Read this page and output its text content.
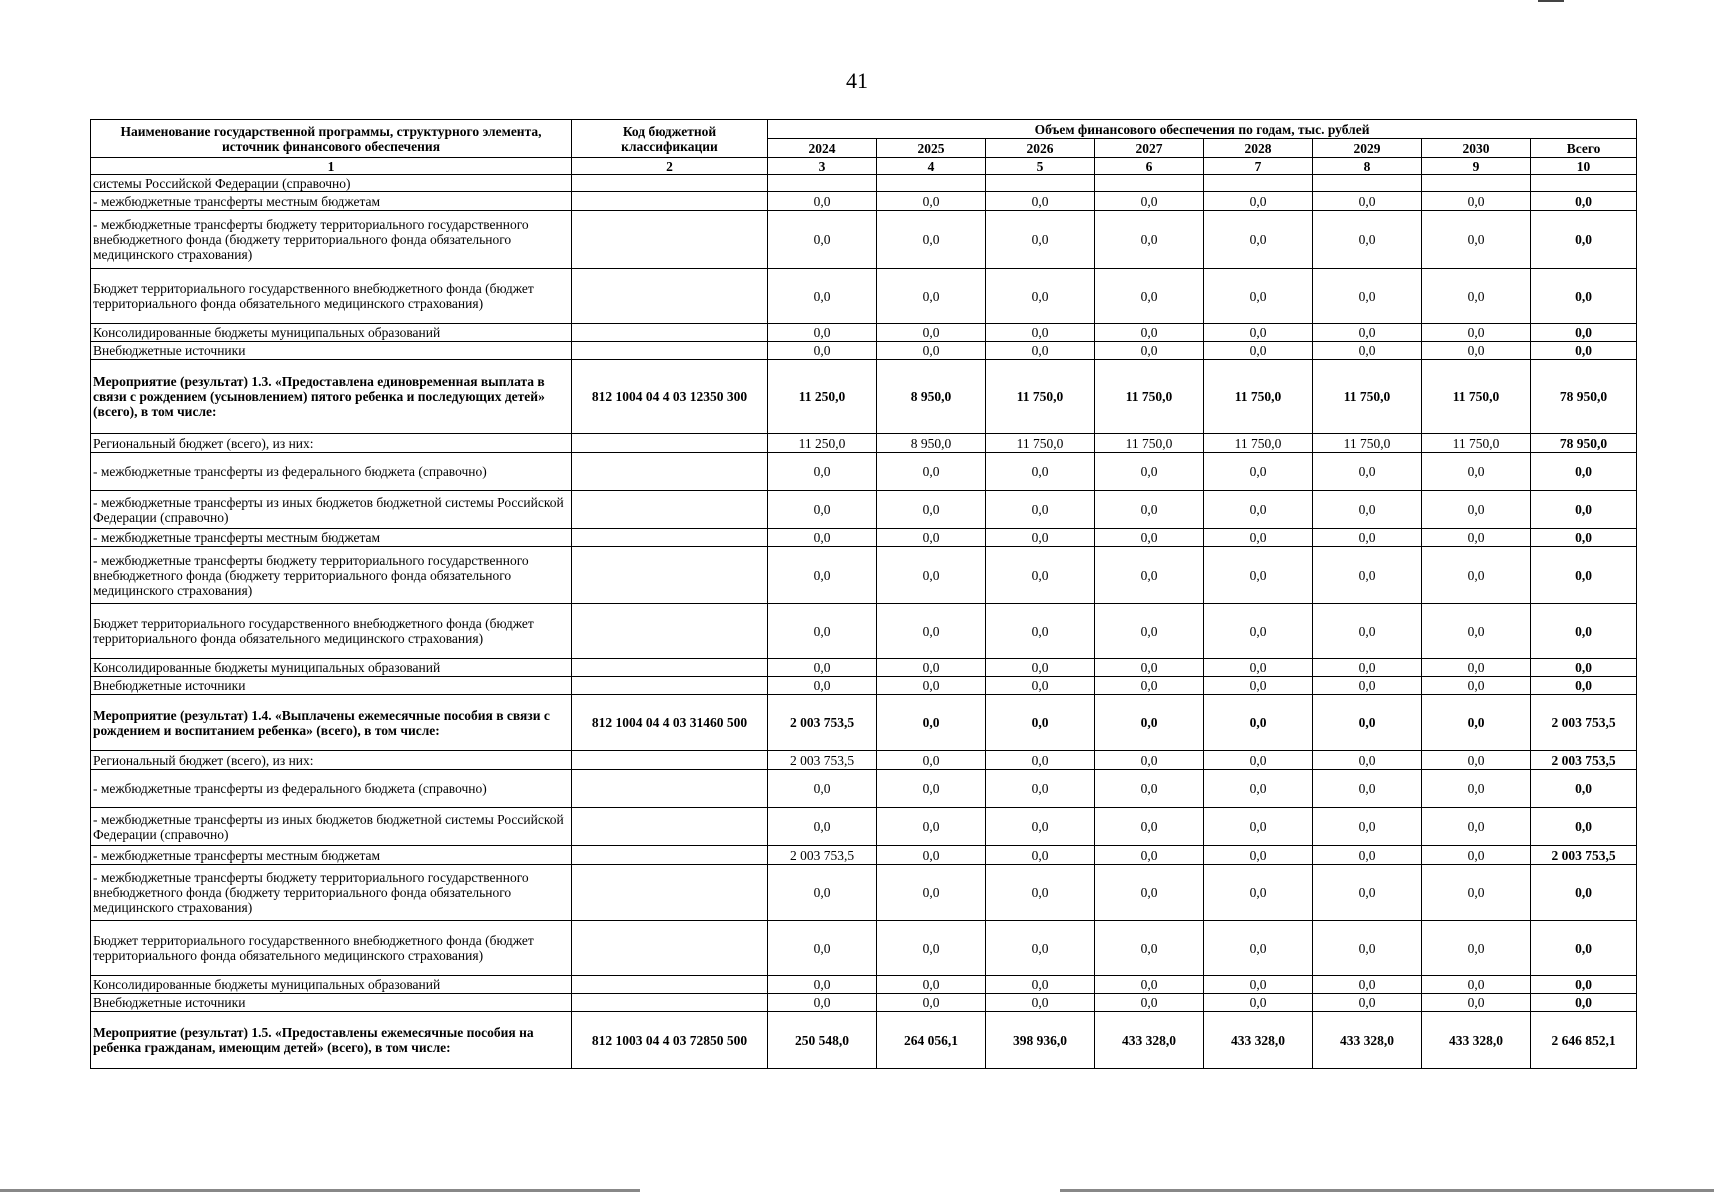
41
Наименование государственной программы, структурного элемента, источник финансового обеспечения	Код бюджетной классификации	Объем финансового обеспечения по годам, тыс. рублей							
		2024	2025	2026	2027	2028	2029	2030	Всего
1	2	3	4	5	6	7	8	9	10
системы Российской Федерации (справочно)									
- межбюджетные трансферты местным бюджетам		0,0	0,0	0,0	0,0	0,0	0,0	0,0	0,0
- межбюджетные трансферты бюджету территориального государственного внебюджетного фонда (бюджету территориального фонда обязательного медицинского страхования)		0,0	0,0	0,0	0,0	0,0	0,0	0,0	0,0
Бюджет территориального государственного внебюджетного фонда (бюджет территориального фонда обязательного медицинского страхования)		0,0	0,0	0,0	0,0	0,0	0,0	0,0	0,0
Консолидированные бюджеты муниципальных образований		0,0	0,0	0,0	0,0	0,0	0,0	0,0	0,0
Внебюджетные источники		0,0	0,0	0,0	0,0	0,0	0,0	0,0	0,0
Мероприятие (результат) 1.3. «Предоставлена единовременная выплата в связи с рождением (усыновлением) пятого ребенка и последующих детей» (всего), в том числе:	812 1004 04 4 03 12350 300	11 250,0	8 950,0	11 750,0	11 750,0	11 750,0	11 750,0	11 750,0	78 950,0
Региональный бюджет (всего), из них:		11 250,0	8 950,0	11 750,0	11 750,0	11 750,0	11 750,0	11 750,0	78 950,0
- межбюджетные трансферты из федерального бюджета (справочно)		0,0	0,0	0,0	0,0	0,0	0,0	0,0	0,0
- межбюджетные трансферты из иных бюджетов бюджетной системы Российской Федерации (справочно)		0,0	0,0	0,0	0,0	0,0	0,0	0,0	0,0
- межбюджетные трансферты местным бюджетам		0,0	0,0	0,0	0,0	0,0	0,0	0,0	0,0
- межбюджетные трансферты бюджету территориального государственного внебюджетного фонда (бюджету территориального фонда обязательного медицинского страхования)		0,0	0,0	0,0	0,0	0,0	0,0	0,0	0,0
Бюджет территориального государственного внебюджетного фонда (бюджет территориального фонда обязательного медицинского страхования)		0,0	0,0	0,0	0,0	0,0	0,0	0,0	0,0
Консолидированные бюджеты муниципальных образований		0,0	0,0	0,0	0,0	0,0	0,0	0,0	0,0
Внебюджетные источники		0,0	0,0	0,0	0,0	0,0	0,0	0,0	0,0
Мероприятие (результат) 1.4. «Выплачены ежемесячные пособия в связи с рождением и воспитанием ребенка» (всего), в том числе:	812 1004 04 4 03 31460 500	2 003 753,5	0,0	0,0	0,0	0,0	0,0	0,0	2 003 753,5
Региональный бюджет (всего), из них:		2 003 753,5	0,0	0,0	0,0	0,0	0,0	0,0	2 003 753,5
- межбюджетные трансферты из федерального бюджета (справочно)		0,0	0,0	0,0	0,0	0,0	0,0	0,0	0,0
- межбюджетные трансферты из иных бюджетов бюджетной системы Российской Федерации (справочно)		0,0	0,0	0,0	0,0	0,0	0,0	0,0	0,0
- межбюджетные трансферты местным бюджетам		2 003 753,5	0,0	0,0	0,0	0,0	0,0	0,0	2 003 753,5
- межбюджетные трансферты бюджету территориального государственного внебюджетного фонда (бюджету территориального фонда обязательного медицинского страхования)		0,0	0,0	0,0	0,0	0,0	0,0	0,0	0,0
Бюджет территориального государственного внебюджетного фонда (бюджет территориального фонда обязательного медицинского страхования)		0,0	0,0	0,0	0,0	0,0	0,0	0,0	0,0
Консолидированные бюджеты муниципальных образований		0,0	0,0	0,0	0,0	0,0	0,0	0,0	0,0
Внебюджетные источники		0,0	0,0	0,0	0,0	0,0	0,0	0,0	0,0
Мероприятие (результат) 1.5. «Предоставлены ежемесячные пособия на ребенка гражданам, имеющим детей» (всего), в том числе:	812 1003 04 4 03 72850 500	250 548,0	264 056,1	398 936,0	433 328,0	433 328,0	433 328,0	433 328,0	2 646 852,1
